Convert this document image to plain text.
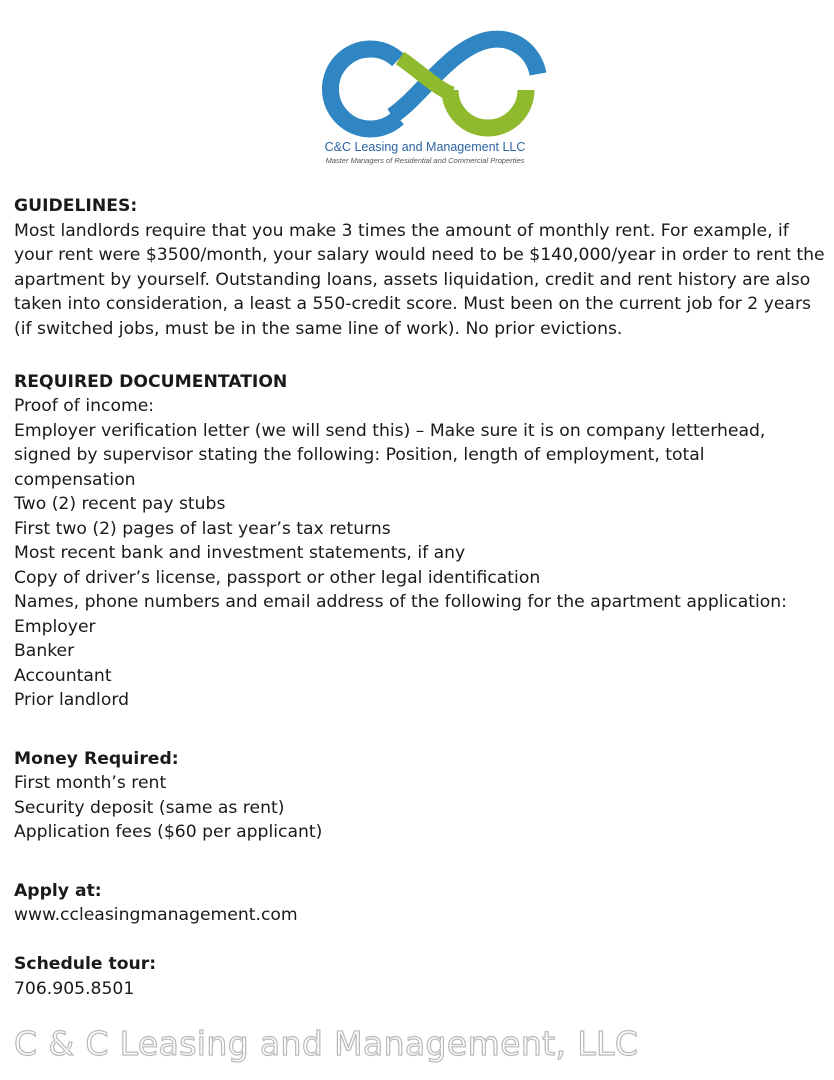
C&C Leasing and Management LLC
Master Managers of Residential and Commercial Properties
GUIDELINES:

Most landlords require that you make 3 times the amount of monthly rent. For example, if your rent were $3500/month, your salary would need to be $140,000/year in order to rent the apartment by yourself. Outstanding loans, assets liquidation, credit and rent history are also taken into consideration, a least a 550-credit score. Must been on the current job for 2 years (if switched jobs, must be in the same line of work). No prior evictions.

REQUIRED DOCUMENTATION
Proof of income:
Employer verification letter (we will send this) – Make sure it is on company letterhead, signed by supervisor stating the following: Position, length of employment, total compensation
Two (2) recent pay stubs
First two (2) pages of last year’s tax returns
Most recent bank and investment statements, if any
Copy of driver’s license, passport or other legal identification
Names, phone numbers and email address of the following for the apartment application:
Employer
Banker
Accountant
Prior landlord
Money Required:
First month’s rent
Security deposit (same as rent)
Application fees ($60 per applicant)
Apply at:
www.ccleasingmanagement.com
Schedule tour:
706.905.8501
C & C Leasing and Management, LLC
